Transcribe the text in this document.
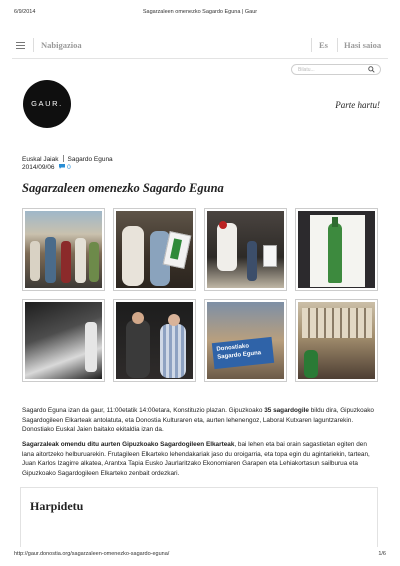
6/9/2014	Sagarzaleen omenezko Sagardo Eguna | Gaur
Nabigazioa	Es Hasi saioa
Bilatu...
GAUR.	Parte hartu!
Euskal Jaiak Sagardo Eguna
2014/09/06 0
Sagarzaleen omenezko Sagardo Eguna
Donostiako Sagardo Eguna

Sagardo Eguna izan da gaur, 11:00etatik 14:00etara, Konstituzio plazan. Gipuzkoako 35 sagardogile bildu dira, Gipuzkoako Sagardogileen Elkarteak antolatuta, eta Donostia Kulturaren eta, aurten lehenengoz, Laboral Kutxaren laguntzarekin. Donostiako Euskal Jaien baitako ekitaldia izan da.

Sagarzaleak omendu ditu aurten Gipuzkoako Sagardogileen Elkarteak, bai lehen eta bai orain sagastietan egiten den lana aitortzeko helburuarekin. Frutagileen Elkarteko lehendakariak jaso du oroigarria, eta topa egin du agintariekin, tartean, Juan Karlos Izagirre alkatea, Arantxa Tapia Eusko Jaurlaritzako Ekonomiaren Garapen eta Lehiakortasun sailburua eta Gipuzkoako Sagardogileen Elkarteko zenbait ordezkari.

Harpidetu
http://gaur.donostia.org/sagarzaleen-omenezko-sagardo-eguna/	1/6
